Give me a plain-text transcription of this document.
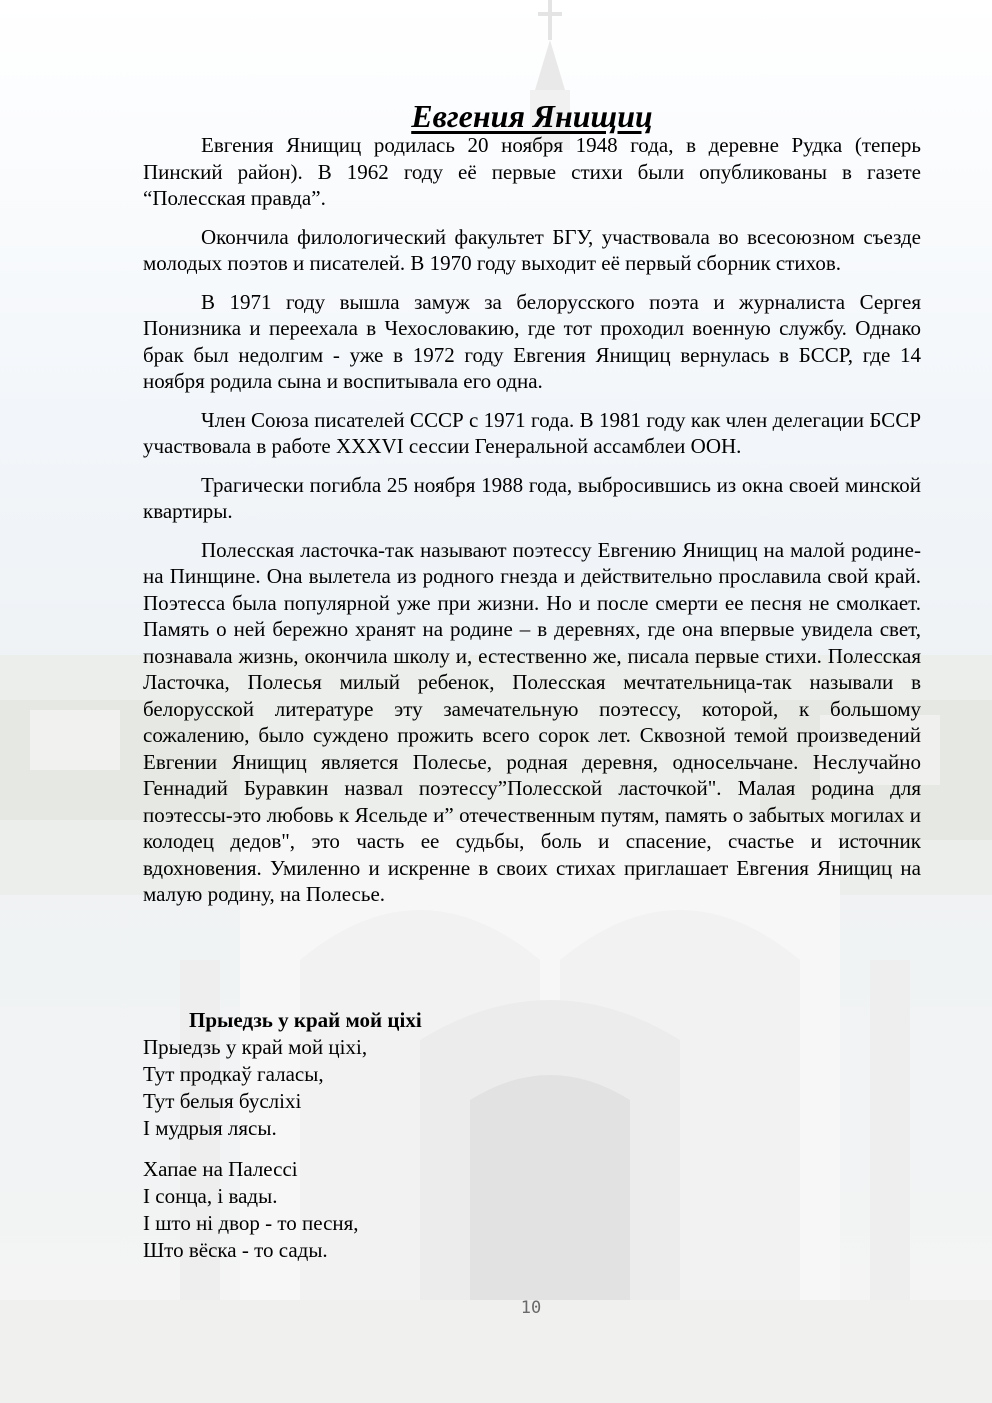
Евгения Янищиц

Евгения Янищиц родилась 20 ноября 1948 года, в деревне Рудка (теперь Пинский район). В 1962 году её первые стихи были опубликованы в газете “Полесская правда”.

Окончила филологический факультет БГУ, участвовала во всесоюзном съезде молодых поэтов и писателей. В 1970 году выходит её первый сборник стихов.

В 1971 году вышла замуж за белорусского поэта и журналиста Сергея Понизника и переехала в Чехословакию, где тот проходил военную службу. Однако брак был недолгим - уже в 1972 году Евгения Янищиц вернулась в БССР, где 14 ноября родила сына и воспитывала его одна.

Член Союза писателей СССР с 1971 года. В 1981 году как член делегации БССР участвовала в работе XXXVI сессии Генеральной ассамблеи ООН.

Трагически погибла 25 ноября 1988 года, выбросившись из окна своей минской квартиры.

Полесская ласточка-так называют поэтессу Евгению Янищиц на малой родине-на Пинщине. Она вылетела из родного гнезда и действительно прославила свой край. Поэтесса была популярной уже при жизни. Но и после смерти ее песня не смолкает. Память о ней бережно хранят на родине – в деревнях, где она впервые увидела свет, познавала жизнь, окончила школу и, естественно же, писала первые стихи. Полесская Ласточка, Полесья милый ребенок, Полесская мечтательница-так называли в белорусской литературе эту замечательную поэтессу, которой, к большому сожалению, было суждено прожить всего сорок лет. Сквозной темой произведений Евгении Янищиц является Полесье, родная деревня, односельчане. Неслучайно Геннадий Буравкин назвал поэтессу”Полесской ласточкой". Малая родина для поэтессы-это любовь к Ясельде и” отечественным путям, память о забытых могилах и колодец дедов", это часть ее судьбы, боль и спасение, счастье и источник вдохновения. Умиленно и искренне в своих стихах приглашает Евгения Янищиц на малую родину, на Полесье.

Прыедзь у край мой ціхі

Прыедзь у край мой ціхі,
Тут продкаў галасы,
Тут белыя буслiхі
І мудрыя лясы.
Хапае на Палессі
І сонца, і вады.
І што ні двор - то песня,
Што вёска - то сады.
10
